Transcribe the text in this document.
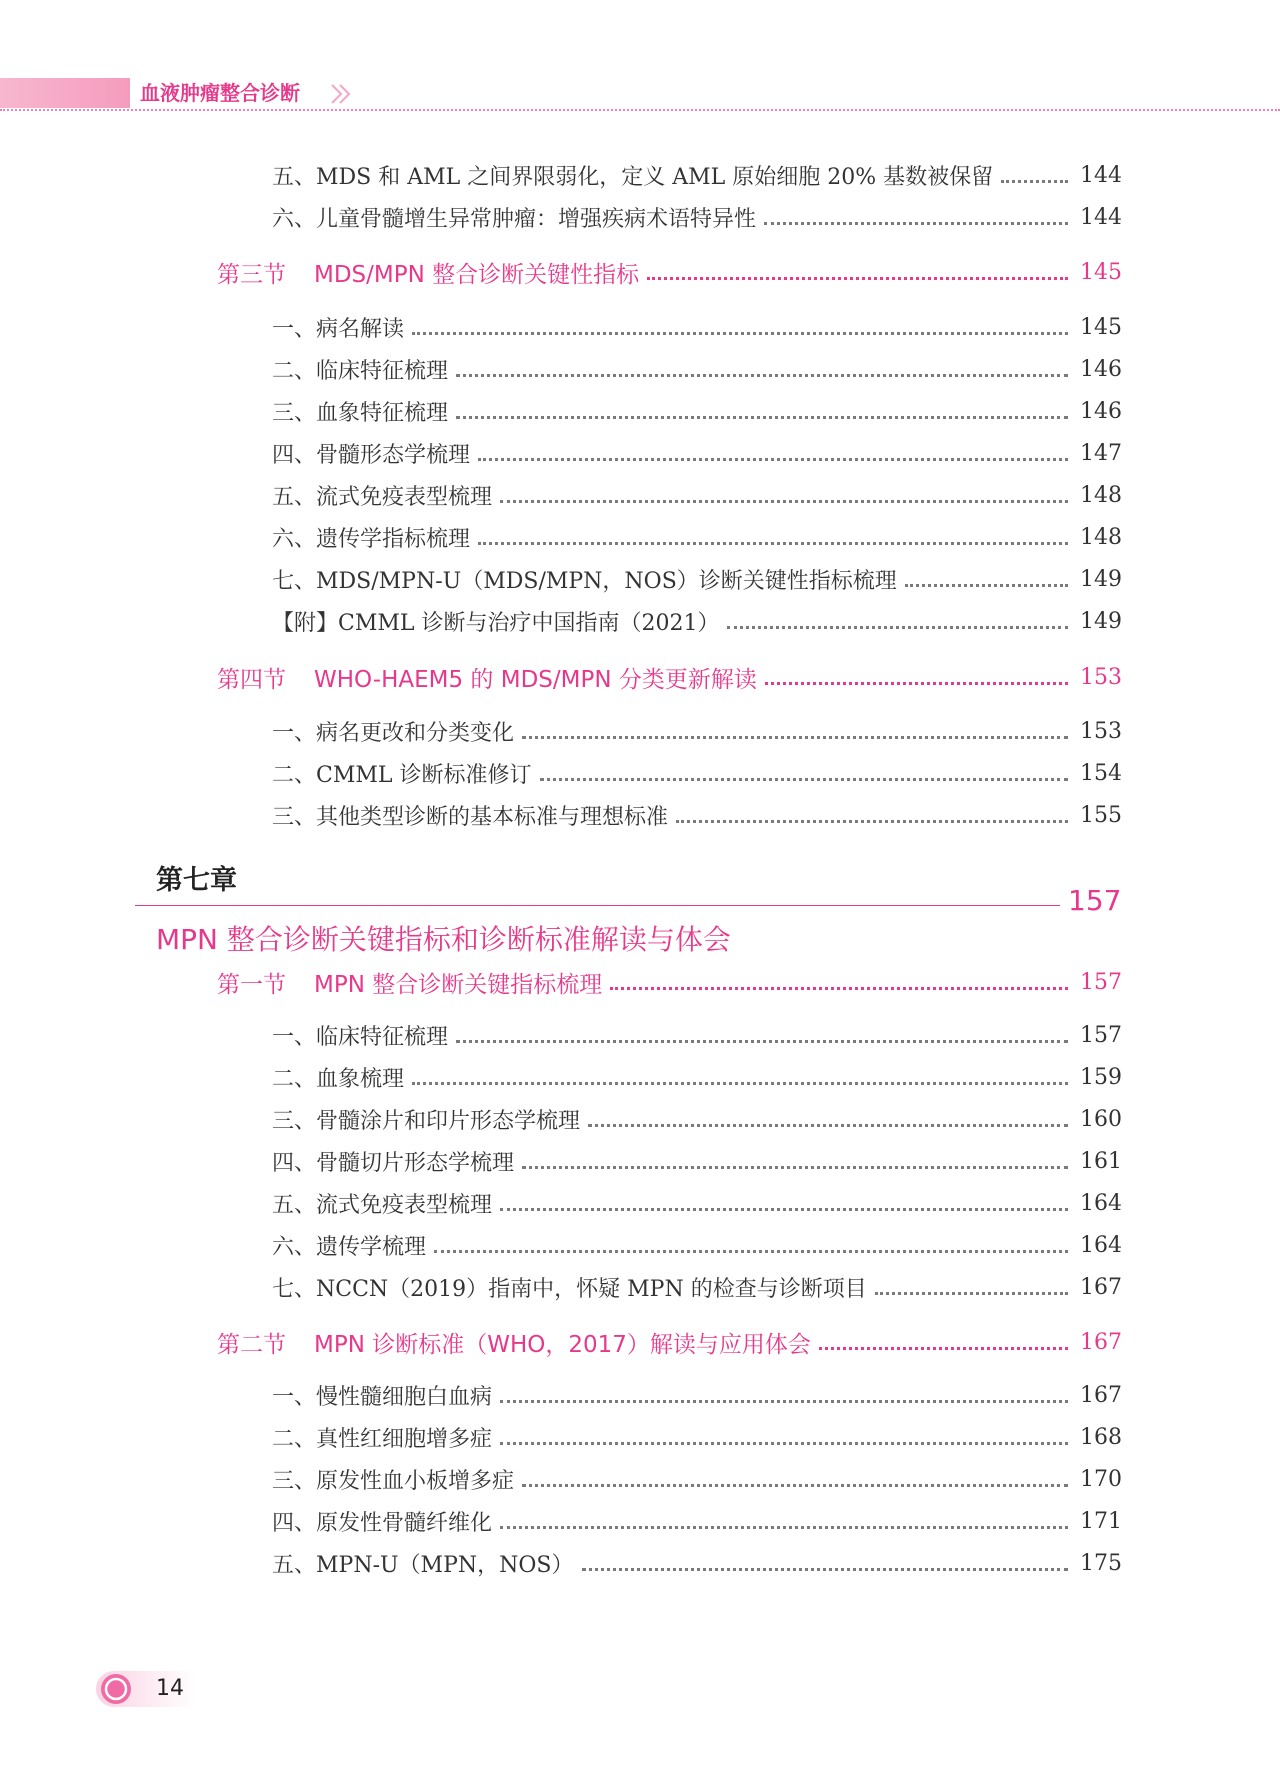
血液肿瘤整合诊断
五、MDS 和 AML 之间界限弱化，定义 AML 原始细胞 20% 基数被保留	144
六、儿童骨髓增生异常肿瘤：增强疾病术语特异性	144
第三节 MDS/MPN 整合诊断关键性指标	145
一、病名解读	145
二、临床特征梳理	146
三、血象特征梳理	146
四、骨髓形态学梳理	147
五、流式免疫表型梳理	148
六、遗传学指标梳理	148
七、MDS/MPN-U（MDS/MPN，NOS）诊断关键性指标梳理	149
【附】CMML 诊断与治疗中国指南（2021）	149
第四节 WHO-HAEM5 的 MDS/MPN 分类更新解读	153
一、病名更改和分类变化	153
二、CMML 诊断标准修订	154
三、其他类型诊断的基本标准与理想标准	155
第七章
157
MPN 整合诊断关键指标和诊断标准解读与体会
第一节 MPN 整合诊断关键指标梳理	157
一、临床特征梳理	157
二、血象梳理	159
三、骨髓涂片和印片形态学梳理	160
四、骨髓切片形态学梳理	161
五、流式免疫表型梳理	164
六、遗传学梳理	164
七、NCCN（2019）指南中，怀疑 MPN 的检查与诊断项目	167
第二节 MPN 诊断标准（WHO，2017）解读与应用体会	167
一、慢性髓细胞白血病	167
二、真性红细胞增多症	168
三、原发性血小板增多症	170
四、原发性骨髓纤维化	171
五、MPN-U（MPN，NOS）	175
14
